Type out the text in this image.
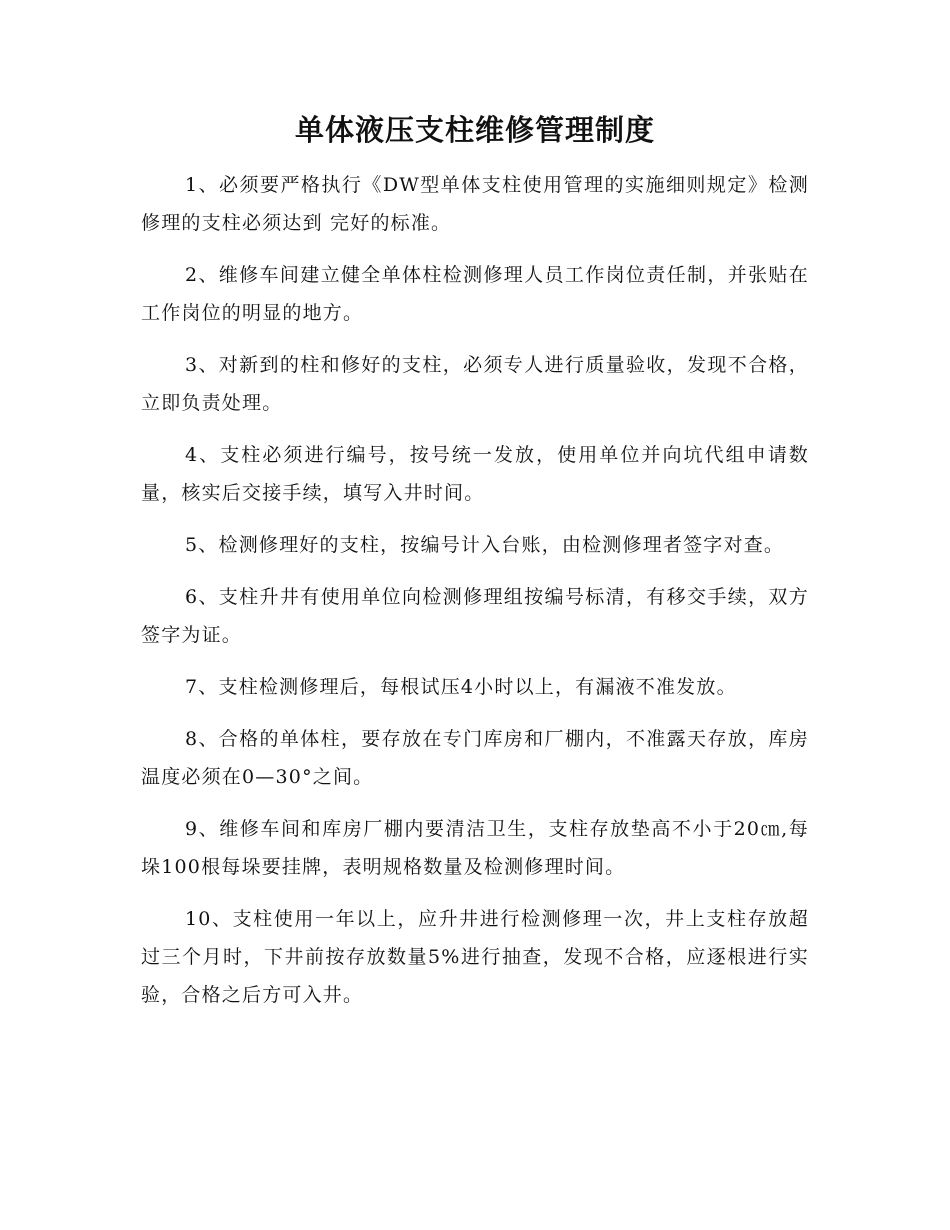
单体液压支柱维修管理制度

1、必须要严格执行《DW型单体支柱使用管理的实施细则规定》检测修理的支柱必须达到 完好的标准。

2、维修车间建立健全单体柱检测修理人员工作岗位责任制，并张贴在工作岗位的明显的地方。

3、对新到的柱和修好的支柱，必须专人进行质量验收，发现不合格，立即负责处理。

4、支柱必须进行编号，按号统一发放，使用单位并向坑代组申请数量，核实后交接手续，填写入井时间。

5、检测修理好的支柱，按编号计入台账，由检测修理者签字对查。

6、支柱升井有使用单位向检测修理组按编号标清，有移交手续，双方签字为证。

7、支柱检测修理后，每根试压4小时以上，有漏液不准发放。

8、合格的单体柱，要存放在专门库房和厂棚内，不准露天存放，库房温度必须在0—30°之间。

9、维修车间和库房厂棚内要清洁卫生，支柱存放垫高不小于20㎝,每垛100根每垛要挂牌，表明规格数量及检测修理时间。

10、支柱使用一年以上，应升井进行检测修理一次，井上支柱存放超过三个月时，下井前按存放数量5%进行抽查，发现不合格，应逐根进行实验，合格之后方可入井。
